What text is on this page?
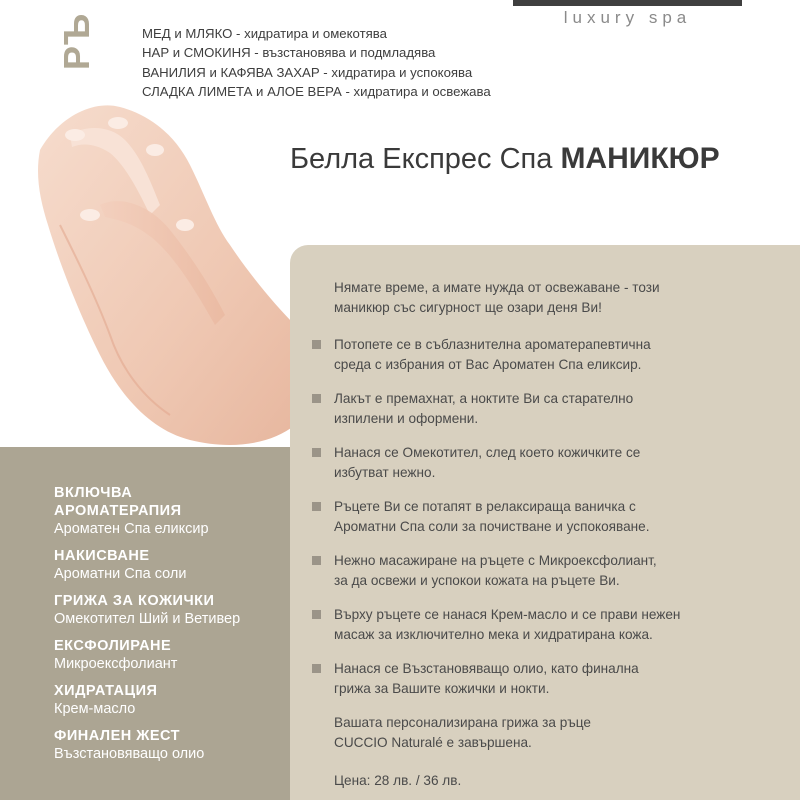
luxury spa
РЪ	МЕД и МЛЯКО - хидратира и омекотява
НАР и СМОКИНЯ - възстановява и подмладява
ВАНИЛИЯ и КАФЯВА ЗАХАР - хидратира и успокоява
СЛАДКА ЛИМЕТА и АЛОЕ ВЕРА - хидратира и освежава
Белла Експрес Спа МАНИКЮР
ВКЛЮЧВА
АРОМАТЕРАПИЯ
Ароматен Спа еликсир
НАКИСВАНЕ
Ароматни Спа соли
ГРИЖА ЗА КОЖИЧКИ
Омекотител Ший и Ветивер
ЕКСФОЛИРАНЕ
Микроексфолиант
ХИДРАТАЦИЯ
Крем-масло
ФИНАЛЕН ЖЕСТ
Възстановяващо олио
Нямате време, а имате нужда от освежаване - този
маникюр със сигурност ще озари деня Ви!
Потопете се в съблазнителна ароматерапевтична
среда с избрания от Вас Ароматен Спа еликсир.
Лакът е премахнат, а ноктите Ви са старателно
изпилени и оформени.
Нанася се Омекотител, след което кожичките се
избутват нежно.
Ръцете Ви се потапят в релаксираща ваничка с
Ароматни Спа соли за почистване и успокояване.
Нежно масажиране на ръцете с Микроексфолиант,
за да освежи и успокои кожата на ръцете Ви.
Върху ръцете се нанася Крем-масло и се прави нежен
масаж за изключително мека и хидратирана кожа.
Нанася се Възстановяващо олио, като финална
грижа за Вашите кожички и нокти.
Вашата персонализирана грижа за ръце
CUCCIO Naturalé е завършена.
Цена: 28 лв. / 36 лв.
